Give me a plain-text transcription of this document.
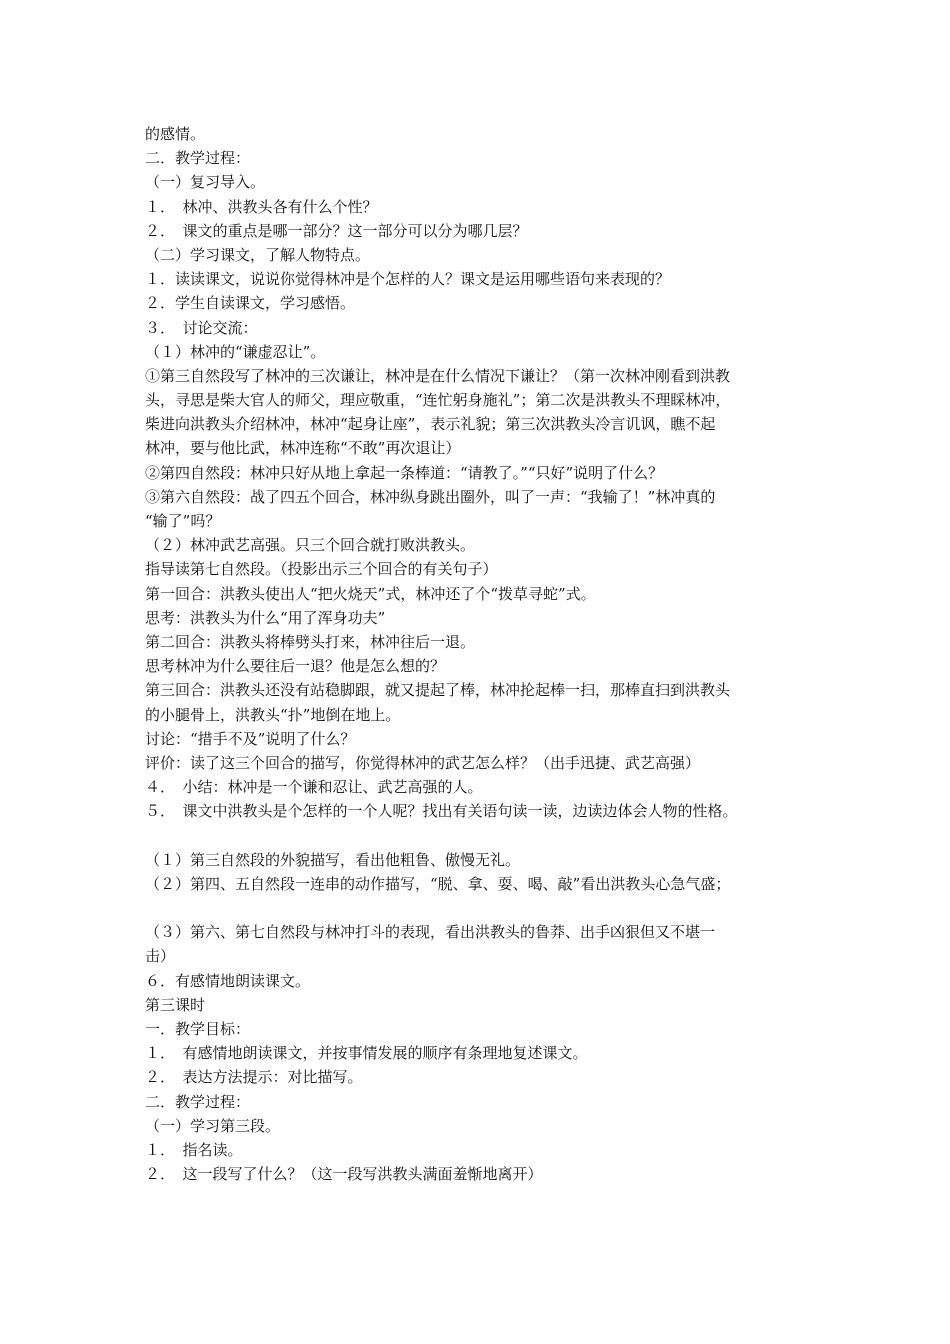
的感情。
二．教学过程：
（一）复习导入。
１．　林冲、洪教头各有什么个性？
２．　课文的重点是哪一部分？这一部分可以分为哪几层？
（二）学习课文，了解人物特点。
１．读读课文，说说你觉得林冲是个怎样的人？课文是运用哪些语句来表现的？
２．学生自读课文，学习感悟。
３．　讨论交流：
（１）林冲的“谦虚忍让”。
①第三自然段写了林冲的三次谦让，林冲是在什么情况下谦让？（第一次林冲刚看到洪教
头，寻思是柴大官人的师父，理应敬重，“连忙躬身施礼”；第二次是洪教头不理睬林冲，
柴进向洪教头介绍林冲，林冲“起身让座”，表示礼貌；第三次洪教头冷言讥讽，瞧不起
林冲，要与他比武，林冲连称“不敢”再次退让）
②第四自然段：林冲只好从地上拿起一条棒道：“请教了。”“只好”说明了什么？
③第六自然段：战了四五个回合，林冲纵身跳出圈外，叫了一声：“我输了！”林冲真的
“输了”吗？
（２）林冲武艺高强。只三个回合就打败洪教头。
指导读第七自然段。（投影出示三个回合的有关句子）
第一回合：洪教头使出人“把火烧天”式，林冲还了个“拨草寻蛇”式。
思考：洪教头为什么“用了浑身功夫”
第二回合：洪教头将棒劈头打来，林冲往后一退。
思考林冲为什么要往后一退？他是怎么想的？
第三回合：洪教头还没有站稳脚跟，就又提起了棒，林冲抡起棒一扫，那棒直扫到洪教头
的小腿骨上，洪教头“扑”地倒在地上。
讨论：“措手不及”说明了什么？
评价：读了这三个回合的描写，你觉得林冲的武艺怎么样？（出手迅捷、武艺高强）
４．　小结：林冲是一个谦和忍让、武艺高强的人。
５．　课文中洪教头是个怎样的一个人呢？找出有关语句读一读，边读边体会人物的性格。
（１）第三自然段的外貌描写，看出他粗鲁、傲慢无礼。
（２）第四、五自然段一连串的动作描写，“脱、拿、耍、喝、敲”看出洪教头心急气盛；
（３）第六、第七自然段与林冲打斗的表现，看出洪教头的鲁莽、出手凶狠但又不堪一
击）
６．有感情地朗读课文。
第三课时
一．教学目标：
１．　有感情地朗读课文，并按事情发展的顺序有条理地复述课文。
２．　表达方法提示：对比描写。
二．教学过程：
（一）学习第三段。
１．　指名读。
２．　这一段写了什么？（这一段写洪教头满面羞惭地离开）
